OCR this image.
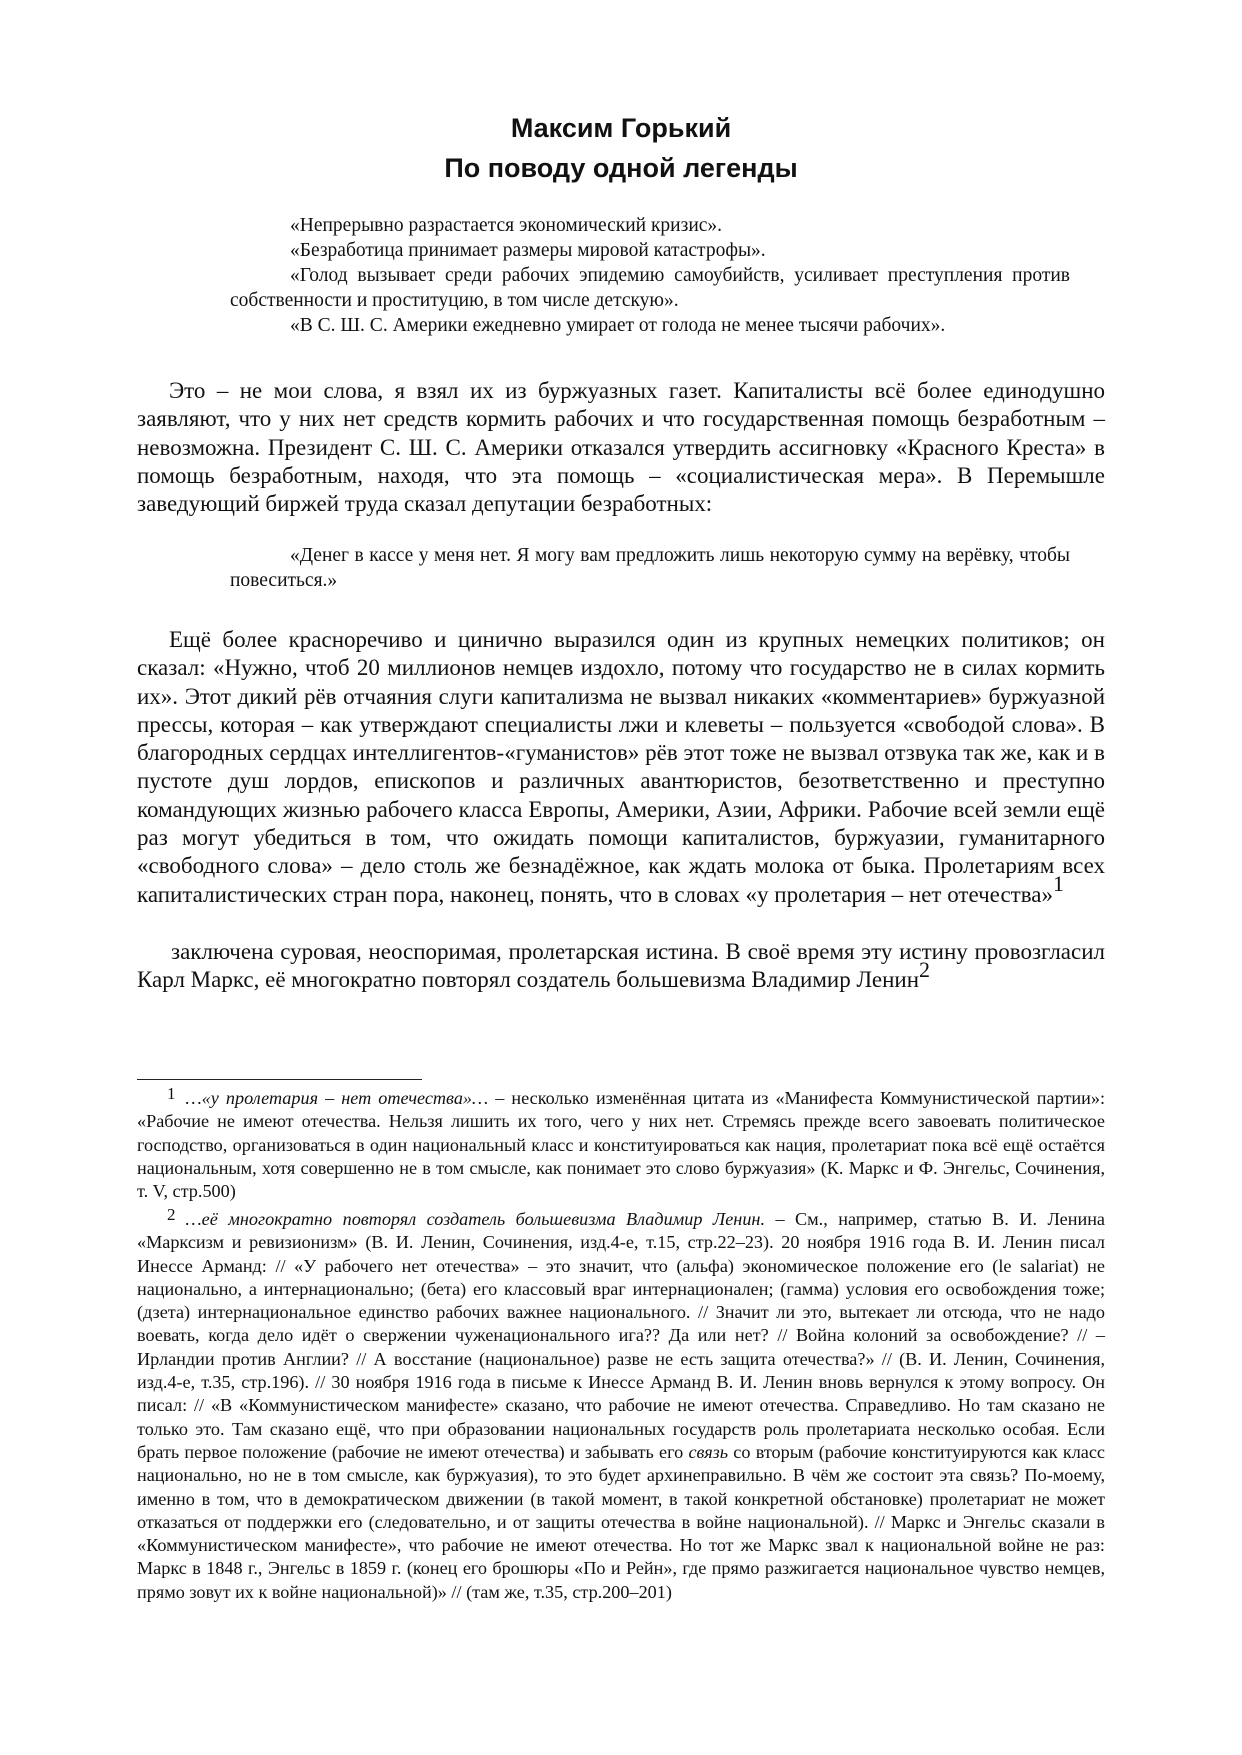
Максим Горький
По поводу одной легенды

«Непрерывно разрастается экономический кризис».

«Безработица принимает размеры мировой катастрофы».

«Голод вызывает среди рабочих эпидемию самоубийств, усиливает преступления против собственности и проституцию, в том числе детскую».

«В С. Ш. С. Америки ежедневно умирает от голода не менее тысячи рабочих».

Это – не мои слова, я взял их из буржуазных газет. Капиталисты всё более единодушно заявляют, что у них нет средств кормить рабочих и что государственная помощь безработным – невозможна. Президент С. Ш. С. Америки отказался утвердить ассигновку «Красного Креста» в помощь безработным, находя, что эта помощь – «социалистическая мера». В Перемышле заведующий биржей труда сказал депутации безработных:

«Денег в кассе у меня нет. Я могу вам предложить лишь некоторую сумму на верёвку, чтобы повеситься.»

Ещё более красноречиво и цинично выразился один из крупных немецких политиков; он сказал: «Нужно, чтоб 20 миллионов немцев издохло, потому что государство не в силах кормить их». Этот дикий рёв отчаяния слуги капитализма не вызвал никаких «комментариев» буржуазной прессы, которая – как утверждают специалисты лжи и клеветы – пользуется «свободой слова». В благородных сердцах интеллигентов-«гуманистов» рёв этот тоже не вызвал отзвука так же, как и в пустоте душ лордов, епископов и различных авантюристов, безответственно и преступно командующих жизнью рабочего класса Европы, Америки, Азии, Африки. Рабочие всей земли ещё раз могут убедиться в том, что ожидать помощи капиталистов, буржуазии, гуманитарного «свободного слова» – дело столь же безнадёжное, как ждать молока от быка. Пролетариям всех капиталистических стран пора, наконец, понять, что в словах «у пролетария – нет отечества»$^1$

заключена суровая, неоспоримая, пролетарская истина. В своё время эту истину провозгласил Карл Маркс, её многократно повторял создатель большевизма Владимир Ленин$^2$

1 …«у пролетария – нет отечества»… – несколько изменённая цитата из «Манифеста Коммунистической партии»: «Рабочие не имеют отечества. Нельзя лишить их того, чего у них нет. Стремясь прежде всего завоевать политическое господство, организоваться в один национальный класс и конституироваться как нация, пролетариат пока всё ещё остаётся национальным, хотя совершенно не в том смысле, как понимает это слово буржуазия» (К. Маркс и Ф. Энгельс, Сочинения, т. V, стр.500)

2 …её многократно повторял создатель большевизма Владимир Ленин. – См., например, статью В. И. Ленина «Марксизм и ревизионизм» (В. И. Ленин, Сочинения, изд.4-е, т.15, стр.22–23). 20 ноября 1916 года В. И. Ленин писал Инессе Арманд: // «У рабочего нет отечества» – это значит, что (альфа) экономическое положение его (le salariat) не национально, а интернационально; (бета) его классовый враг интернационален; (гамма) условия его освобождения тоже; (дзета) интернациональное единство рабочих важнее национального. // Значит ли это, вытекает ли отсюда, что не надо воевать, когда дело идёт о свержении чуженационального ига?? Да или нет? // Война колоний за освобождение? // – Ирландии против Англии? // А восстание (национальное) разве не есть защита отечества?» // (В. И. Ленин, Сочинения, изд.4-е, т.35, стр.196). // 30 ноября 1916 года в письме к Инессе Арманд В. И. Ленин вновь вернулся к этому вопросу. Он писал: // «В «Коммунистическом манифесте» сказано, что рабочие не имеют отечества. Справедливо. Но там сказано не только это. Там сказано ещё, что при образовании национальных государств роль пролетариата несколько особая. Если брать первое положение (рабочие не имеют отечества) и забывать его связь со вторым (рабочие конституируются как класс национально, но не в том смысле, как буржуазия), то это будет архинеправильно. В чём же состоит эта связь? По-моему, именно в том, что в демократическом движении (в такой момент, в такой конкретной обстановке) пролетариат не может отказаться от поддержки его (следовательно, и от защиты отечества в войне национальной). // Маркс и Энгельс сказали в «Коммунистическом манифесте», что рабочие не имеют отечества. Но тот же Маркс звал к национальной войне не раз: Маркс в 1848 г., Энгельс в 1859 г. (конец его брошюры «По и Рейн», где прямо разжигается национальное чувство немцев, прямо зовут их к войне национальной)» // (там же, т.35, стр.200–201)
